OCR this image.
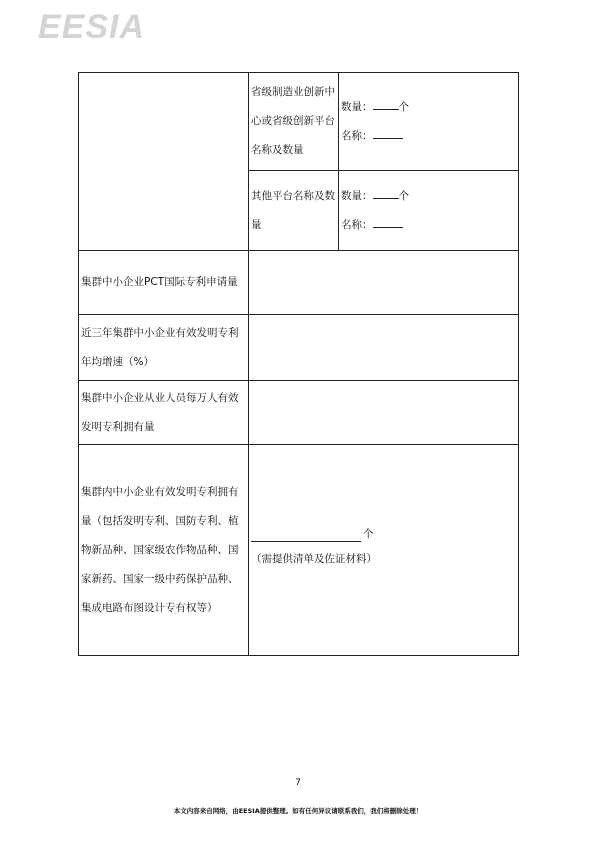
EESIA
	省级制造业创新中心或省级创新平台名称及数量	数量： 个
名称：

	其他平台名称及数量	数量： 个
名称：

集群中小企业PCT国际专利申请量		
近三年集群中小企业有效发明专利年均增速（%）		
集群中小企业从业人员每万人有效发明专利拥有量		
集群内中小企业有效发明专利拥有量（包括发明专利、国防专利、植物新品种、国家级农作物品种、国家新药、国家一级中药保护品种、集成电路布图设计专有权等）	个
（需提供清单及佐证材料）	
7
本文内容来自网络，由EESIA提供整理。如有任何异议请联系我们，我们将删除处理！
